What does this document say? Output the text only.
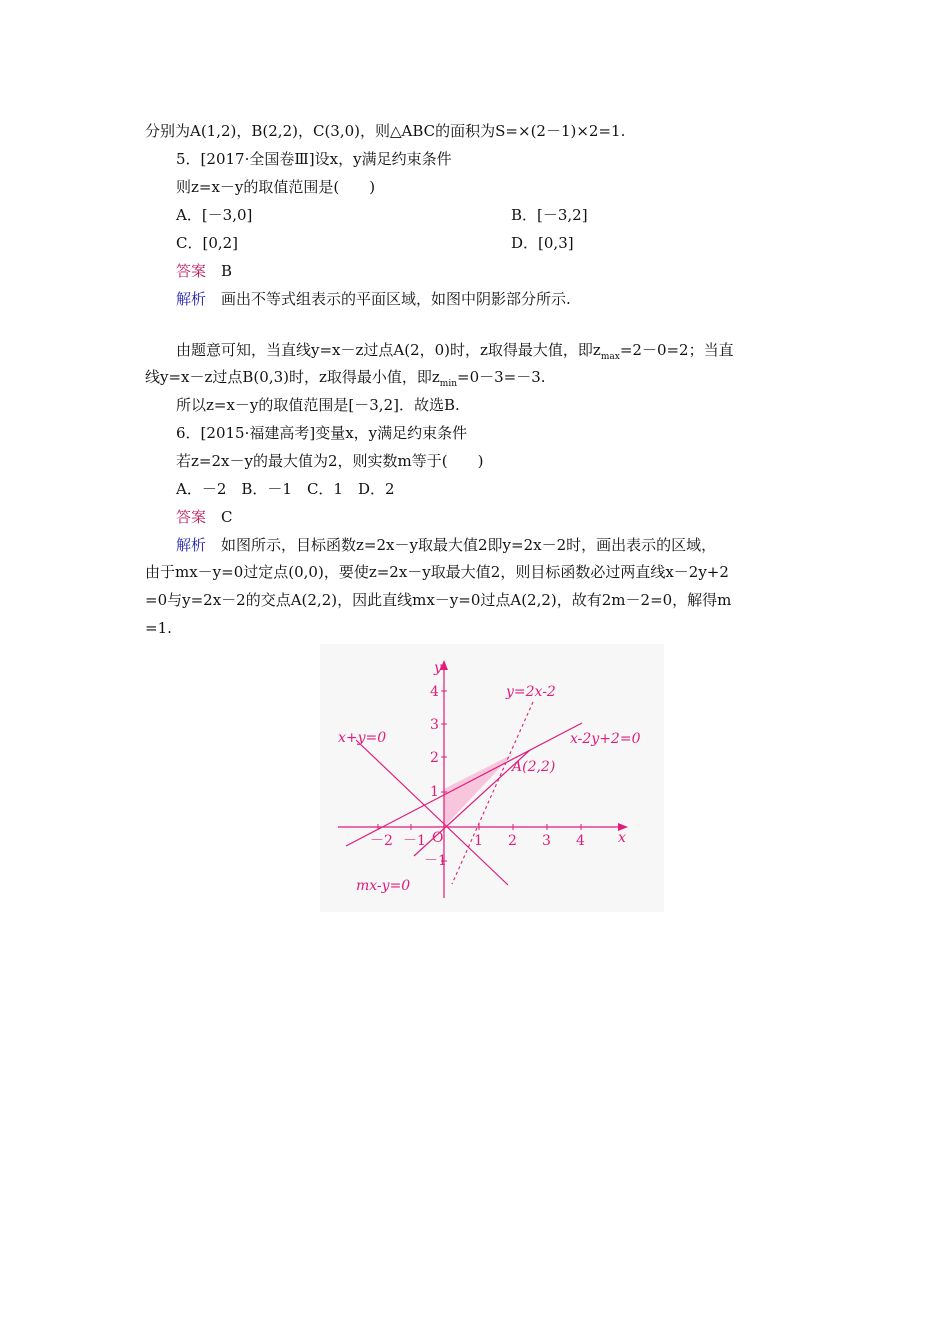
分别为A(1,2)，B(2,2)，C(3,0)，则△ABC的面积为S=×(2－1)×2=1.
5．[2017·全国卷Ⅲ]设x，y满足约束条件
则z=x－y的取值范围是(　　)
A．[－3,0]	B．[－3,2]
C．[0,2]	D．[0,3]
答案　 B
解析　 画出不等式组表示的平面区域，如图中阴影部分所示.
由题意可知，当直线y=x－z过点A(2，0)时，z取得最大值，即$z_{max}=2-0=2$；当直
线y=x－z过点B(0,3)时，z取得最小值，即$z_{min}=0-3=-3$.
所以z=x－y的取值范围是[－3,2]．故选B.
6．[2015·福建高考]变量x，y满足约束条件
若z=2x－y的最大值为2，则实数m等于(　　)
A．－2　B．－1　C．1　D．2
答案　 C
解析　 如图所示，目标函数z=2x－y取最大值2即y=2x－2时，画出表示的区域，
由于mx－y=0过定点(0,0)，要使z=2x－y取最大值2，则目标函数必过两直线x－2y+2
=0与y=2x－2的交点A(2,2)，因此直线mx－y=0过点A(2,2)，故有2m－2=0，解得m
=1.
－2 －1	1 2 3 4
4
3
2
1
－1
O	x
y
y=2x-2
x-2y+2=0
x+y=0
mx-y=0
A(2,2)
